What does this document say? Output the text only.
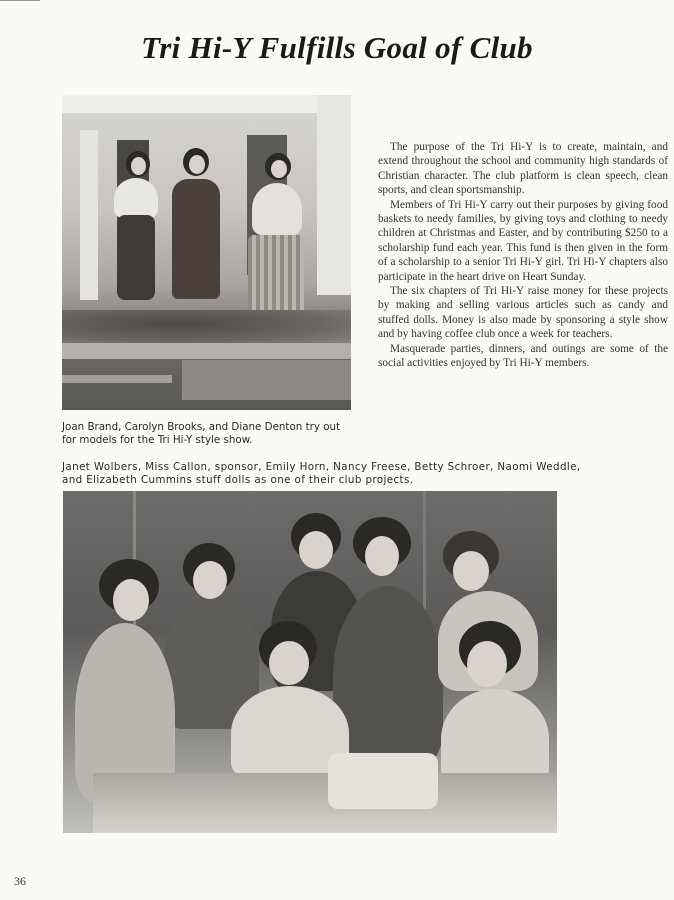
Tri Hi-Y Fulfills Goal of Club

The purpose of the Tri Hi-Y is to create, maintain, and extend throughout the school and community high standards of Christian character. The club platform is clean speech, clean sports, and clean sportsmanship.

Members of Tri Hi-Y carry out their purposes by giving food baskets to needy families, by giving toys and clothing to needy children at Christmas and Easter, and by contributing $250 to a scholarship fund each year. This fund is then given in the form of a scholarship to a senior Tri Hi-Y girl. Tri Hi-Y chapters also participate in the heart drive on Heart Sunday.

The six chapters of Tri Hi-Y raise money for these projects by making and selling various articles such as candy and stuffed dolls. Money is also made by sponsoring a style show and by having coffee club once a week for teachers.

Masquerade parties, dinners, and outings are some of the social activities enjoyed by Tri Hi-Y members.

Joan Brand, Carolyn Brooks, and Diane Denton try out for models for the Tri Hi-Y style show.
Janet Wolbers, Miss Callon, sponsor, Emily Horn, Nancy Freese, Betty Schroer, Naomi Weddle, and Elizabeth Cummins stuff dolls as one of their club projects.
36
